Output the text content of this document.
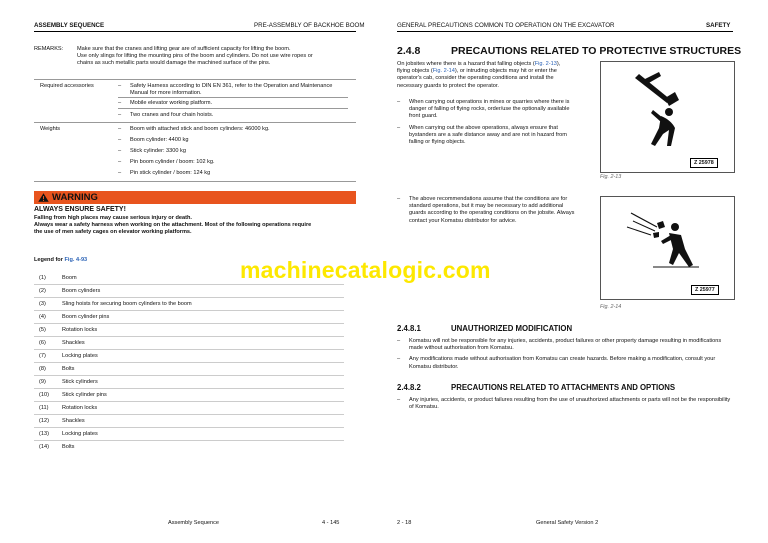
ASSEMBLY SEQUENCE	PRE-ASSEMBLY OF BACKHOE BOOM
REMARKS: Make sure that the cranes and lifting gear are of sufficient capacity for lifting the boom.
Use only slings for lifting the mounting pins of the boom and cylinders. Do not use wire ropes or
chains as such metallic parts would damage the machined surface of the pins.
Required accessories	– Safety Harness according to DIN EN 361, refer to the Operation and Maintenance Manual for more information.
– Mobile elevator working platform.
– Two cranes and four chain hoists.
Weights	– Boom with attached stick and boom cylinders: 46000 kg.
– Boom cylinder: 4400 kg
– Stick cylinder: 3300 kg
– Pin boom cylinder / boom: 102 kg.
– Pin stick cylinder / boom: 124 kg
WARNING
ALWAYS ENSURE SAFETY!
Falling from high places may cause serious injury or death.
Always wear a safety harness when working on the attachment. Most of the following operations require
the use of men safety cages on elevator working platforms.
Legend for Fig. 4-93
(1)	Boom
(2)	Boom cylinders
(3)	Sling hoists for securing boom cylinders to the boom
(4)	Boom cylinder pins
(5)	Rotation locks
(6)	Shackles
(7)	Locking plates
(8)	Bolts
(9)	Stick cylinders
(10) Stick cylinder pins
(11) Rotation locks
(12) Shackles
(13) Locking plates
(14) Bolts
Assembly Sequence	4 - 145
GENERAL PRECAUTIONS COMMON TO OPERATION ON THE EXCAVATOR	SAFETY
2.4.8	PRECAUTIONS RELATED TO PROTECTIVE STRUCTURES
On jobsites where there is a hazard that falling objects (Fig. 2-13),
flying objects (Fig. 2-14), or intruding objects may hit or enter the
operator's cab, consider the operating conditions and install the
necessary guards to protect the operator.
– When carrying out operations in mines or quarries where there is danger of falling of flying rocks, order/use the optionally available front guard.
– When carrying out the above operations, always ensure that bystanders are a safe distance away and are not in hazard from falling or flying objects.
Z 25978
Fig. 2-13
– The above recommendations assume that the conditions are for standard operations, but it may be necessary to add additional guards according to the operating conditions on the jobsite. Always contact your Komatsu distributor for advice.
Z 25977
Fig. 2-14
2.4.8.1	UNAUTHORIZED MODIFICATION
– Komatsu will not be responsible for any injuries, accidents, product failures or other property damage resulting in modifications made without authorisation from Komatsu.
– Any modifications made without authorisation from Komatsu can create hazards. Before making a modification, consult your Komatsu distributor.
2.4.8.2	PRECAUTIONS RELATED TO ATTACHMENTS AND OPTIONS
– Any injuries, accidents, or product failures resulting from the use of unauthorized attachments or parts will not be the responsibility of Komatsu.
2 - 18	General Safety Version 2
machinecatalogic.com
